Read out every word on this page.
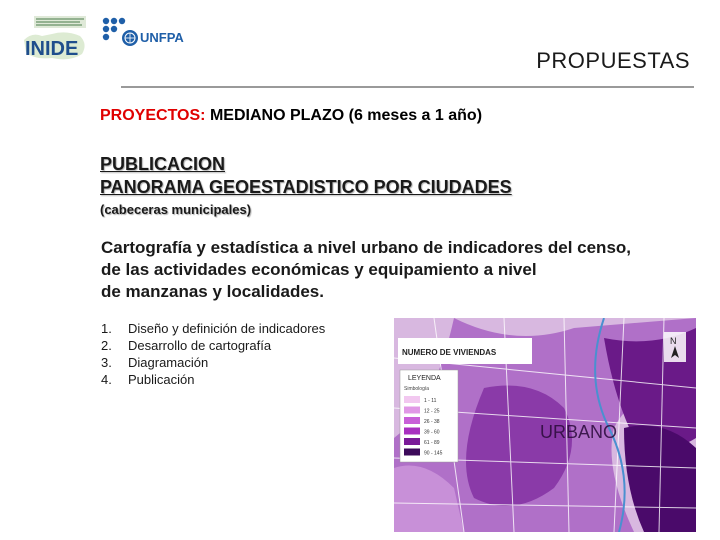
INIDE
UNFPA
PROPUESTAS
PROYECTOS: MEDIANO PLAZO (6 meses a 1 año)
PUBLICACION
PANORAMA GEOESTADISTICO POR CIUDADES
(cabeceras municipales)
Cartografía y estadística a nivel urbano de indicadores del censo,
de las actividades económicas y equipamiento a nivel
de manzanas y localidades.
1.	Diseño y definición de indicadores
2.	Desarrollo de cartografía
3.	Diagramación
4.	Publicación
NUMERO DE VIVIENDAS
LEYENDA
Simbología
1 - 11
12 - 25
26 - 38
39 - 60
61 - 89
90 - 145
N
URBANO
